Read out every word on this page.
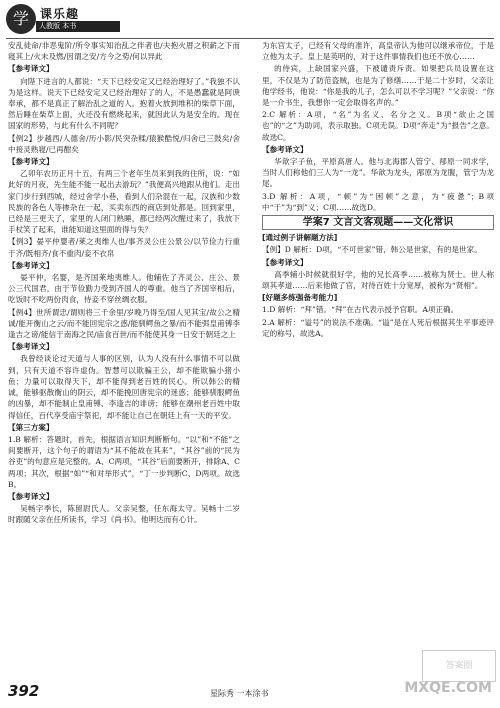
学 课乐趣
人教版 本书

安乱徒命/非恶鬼阶/所令事实知治乱之伴者也/夫抱火厝之积薪之下而寝其上/火未及燃/因谓之安/方今之势/何以异此

【参考译文】

向陛下进言的人都说：“天下已经安定又已经治理好了。”我独不认为是这样。说天下已经安定又已经治理好了的人，不是愚蠢就是阿谀奉承，都不是真正了解治乱之道的人。抱着火放到堆积的柴草下面，然后睡在柴草上面，火还没有燃烧起来，就因此认为是安全的。现在国家的形势，与此有什么不同呢？

【例2】步越西/人德舍/历小影/民突杂糅/猿猴酷悦/归舍已三鼓矣/舍中接灵熟寝/已再酣矣

【参考译文】

乙卯年农历正月十五，有两三个老年生员来到我的住所，说：“如此好的月夜，先生能不能一起出去游玩？”我便高兴地跟从他们。走出家门步行到西城，经过舍学小巷，看到人们杂混在一起，汉族和少数民族的各色人等掺杂在一起，买卖东西的商店到处都是。回到家里，已经是三更天了，家里的人闭门熟睡，都已经两次醒过来了，我放下手杖笑了起来，谁能知道这里面的得与失？

【例3】晏平仲婴者/莱之夷维人也/事齐灵公庄公景公/以节俭力行重于齐/既相齐/食不重肉/妾不衣帛

【参考译文】

晏平仲，名婴，是齐国莱地夷维人。他辅佐了齐灵公、庄公、景公三代国君，由于节俭勤力受到齐国人的尊重。他当了齐国宰相后，吃饭时不吃两份肉食，侍妾不穿丝绸衣服。

【例4】世所谓忠/谓则将三千余里/岁晚乃得至/国人见其宝/故公之精诚/能开衡山之云/而不能回宪宗之惑/能驯鳄鱼之暴/而不能弭皇甫镈李逢吉之谤/能信于南海之民/庙食百世/而不能使其身一日安于朝廷之上

【参考译文】

我曾经谈论过天道与人事的区别，认为人没有什么事情不可以做到，只有天道不容许虚伪。智慧可以欺骗王公，却不能欺骗小猪小鱼；力量可以取得天下，却不能得到老百姓的民心。所以韩公的精诚，能够驱散衡山的阴云，却不能挽回唐宪宗的迷惑；能够驯服鳄鱼的凶暴，却不能制止皇甫镈、李逢吉的诽谤；能够在潮州老百姓中取得信任，百代享受庙宇祭祀，却不能让自己在朝廷上有一天的平安。

【第三方案】

1.B 解析：答题时，首先，根据语言知识判断断句。“以”和“不能”之间要断开，这个句子的谓语为“其不能故在其来”，“其谷”前的“民为谷吏”的句意应是完整的。A、C两项，“其谷”后面要断开，排除A、C两项；其次，根据“如”“和对举形式”，“丁一步判断C、D两项。故选B。

【参考译文】

吴畅字季长，陈留尉氏人。父亲吴整，任东海太守。吴畅十二岁时跟随父亲在任所读书，学习《尚书》。他明达而有心计。

为东宫太子，已经有父母的准许，高皇帝认为他可以继承帝位，于是立他为太子。皇上是英明的，对于这件事情我们也还不放心……

的侍宾，上缺国家兴盛，下被谴责斥责。如果把兵员设置在这里，不仅是为了防范盗贼，也是为了修缮……于是二十岁时，父亲让他学经书，他说：“你是我的儿子，怎么可以不学习呢？”父亲说：“你是一介书生，我想你一定会取得名声的。”

2.C 解析：A项，“名”为名义、名分之义。B项“欲止之国也”的“之”为助词，表示取独。C项无误。D项“奔走”为“报告”之意。故选C。

【参考译文】

华歆字子鱼，平原高唐人。他与北海郡人管宁、邴原一同求学，当时人们称他们三人为“一龙”。华歆为龙头，邴原为龙腹，管宁为龙尾。

3.D 解析：A项，“顿”为“困顿”之意，为“疲惫”；B项中“于”为“到”义；C项……故选D。

学案7 文言文客观题——文化常识

[通过例子讲解题方法]

【例】D 解析：D项，“不可世家”错，韩公是世家，有的是世家。

【参考译文】

高季辅小时候就很好学，他的兄长高季……被称为贤士。世人称颂其孝道……后来他做了官，对待百姓十分宽厚，被称为“贤相”。

[好题多练强备考能力]

1.D 解析：“拜”错。“拜”在古代表示授予官职。A项正确。

2.A 解析：“谥号”的说法不准确。“谥”是在人死后根据其生平事迹评定的称号，故选A。

答案圈
392	星际秀 一本涂书	MXQE.COM
